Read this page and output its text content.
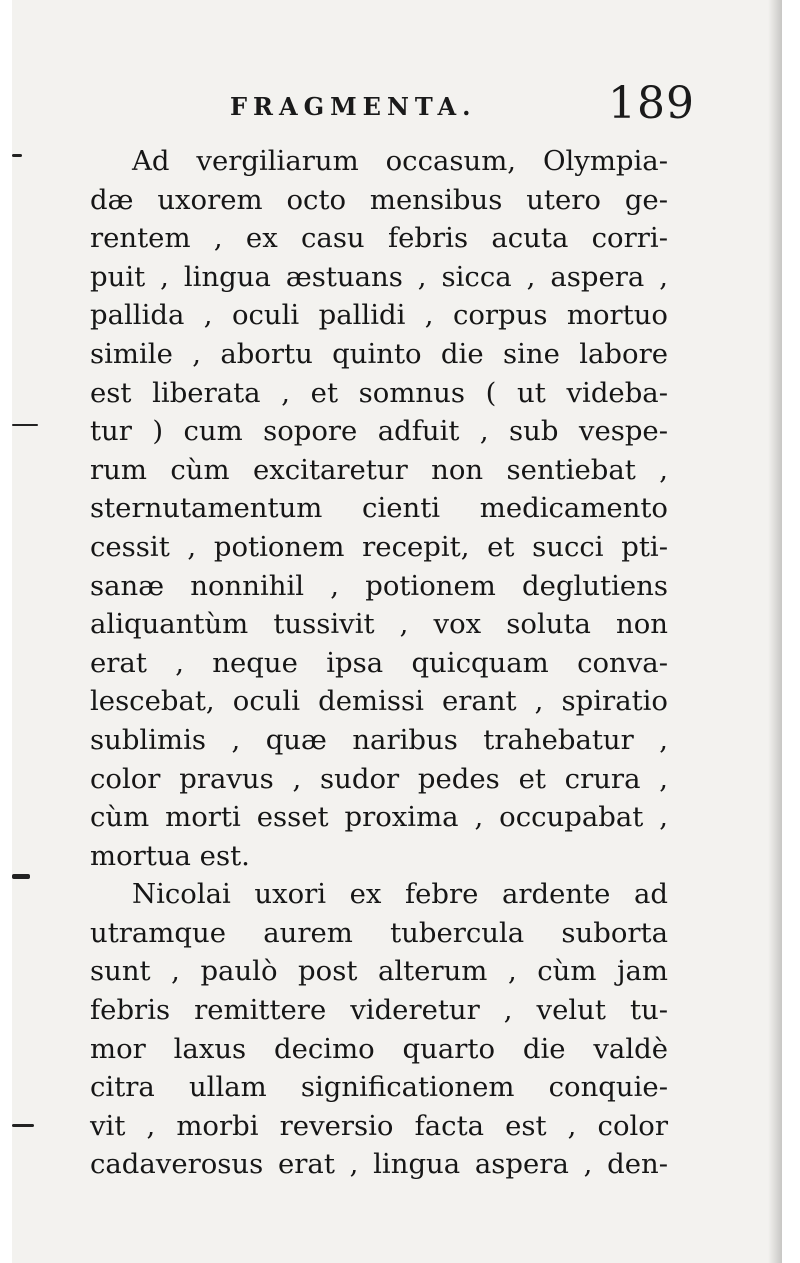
FRAGMENTA.	189
Ad vergiliarum occasum, Olympia-
dæ uxorem octo mensibus utero ge-
rentem , ex casu febris acuta corri-
puit , lingua æstuans , sicca , aspera ,
pallida , oculi pallidi , corpus mortuo
simile , abortu quinto die sine labore
est liberata , et somnus ( ut videba-
tur ) cum sopore adfuit , sub vespe-
rum cùm excitaretur non sentiebat ,
sternutamentum cienti medicamento
cessit , potionem recepit, et succi pti-
sanæ nonnihil , potionem deglutiens
aliquantùm tussivit , vox soluta non
erat , neque ipsa quicquam conva-
lescebat, oculi demissi erant , spiratio
sublimis , quæ naribus trahebatur ,
color pravus , sudor pedes et crura ,
cùm morti esset proxima , occupabat ,
mortua est.
Nicolai uxori ex febre ardente ad
utramque aurem tubercula suborta
sunt , paulò post alterum , cùm jam
febris remittere videretur , velut tu-
mor laxus decimo quarto die valdè
citra ullam significationem conquie-
vit , morbi reversio facta est , color
cadaverosus erat , lingua aspera , den-
